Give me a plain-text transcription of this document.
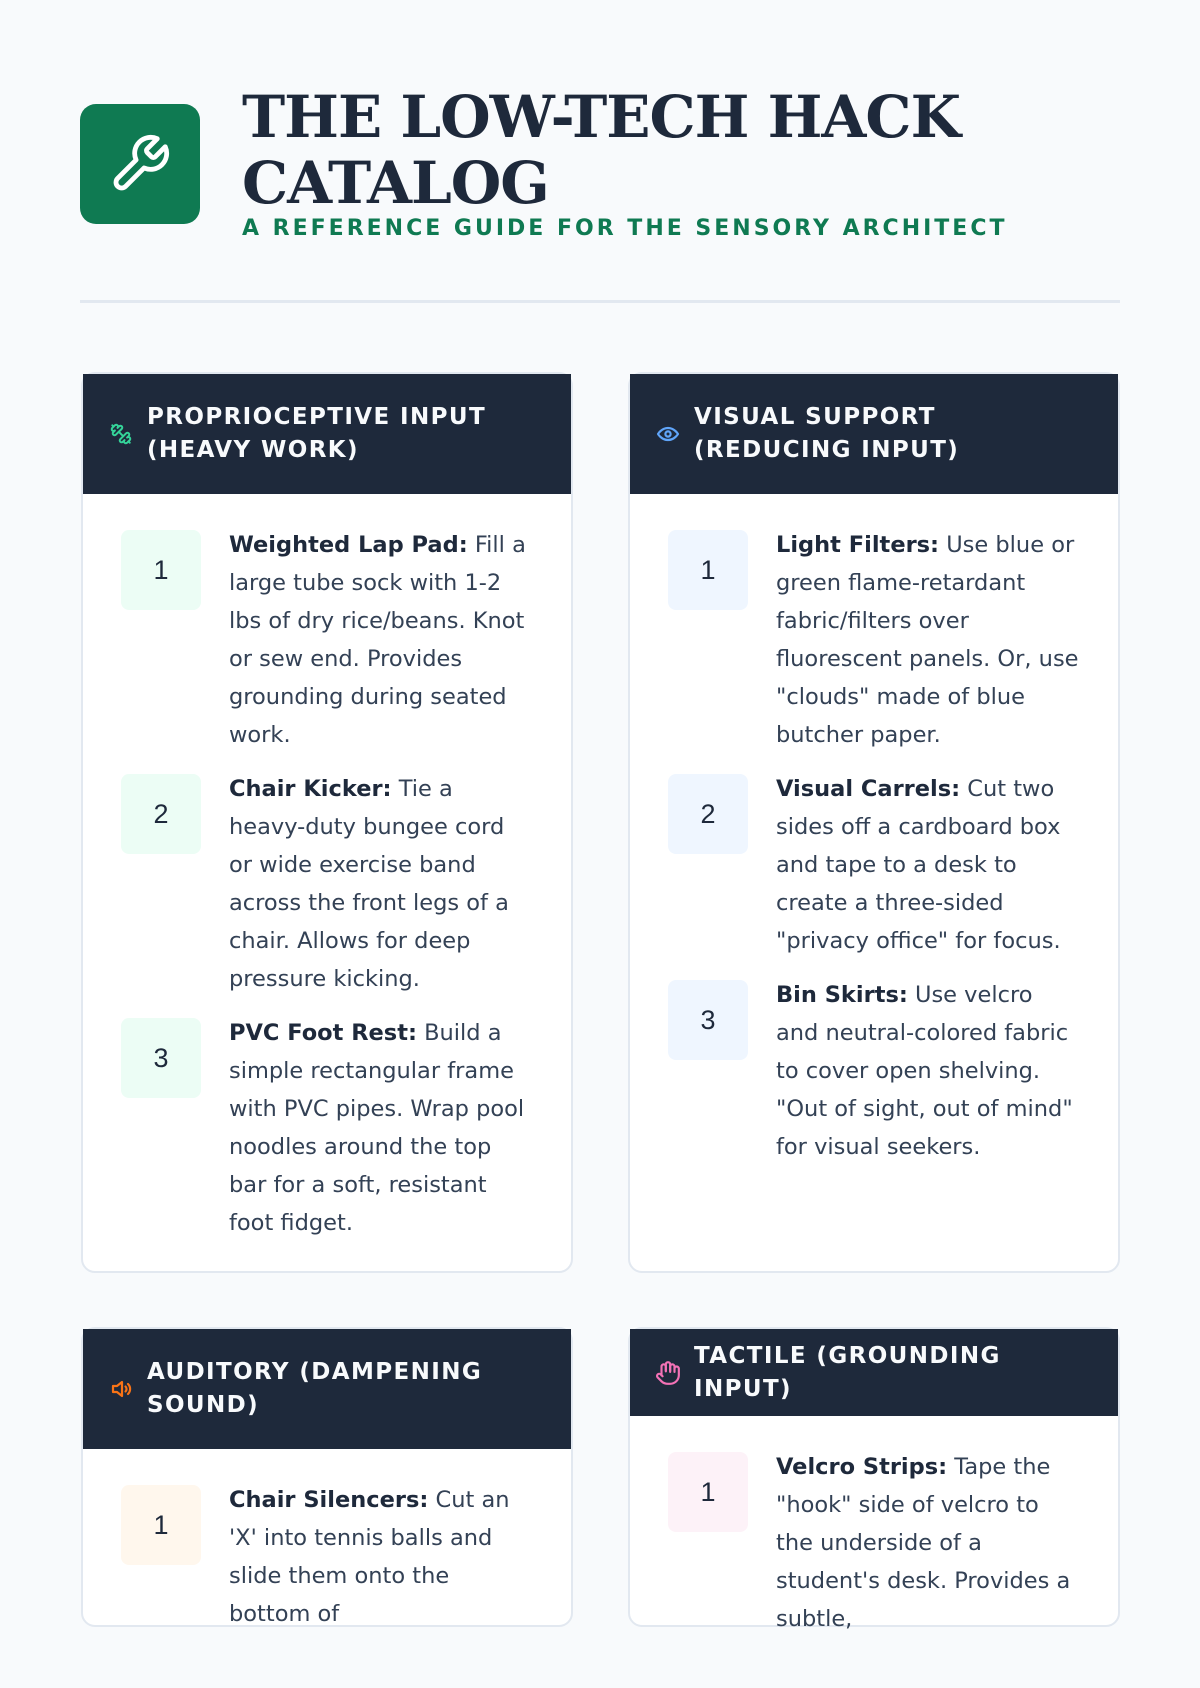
THE LOW-TECH HACK CATALOG
A REFERENCE GUIDE FOR THE SENSORY ARCHITECT
PROPRIOCEPTIVE INPUT (HEAVY WORK)
1

Weighted Lap Pad: Fill a large tube sock with 1-2 lbs of dry rice/beans. Knot or sew end. Provides grounding during seated work.

2

Chair Kicker: Tie a heavy-duty bungee cord or wide exercise band across the front legs of a chair. Allows for deep pressure kicking.

3

PVC Foot Rest: Build a simple rectangular frame with PVC pipes. Wrap pool noodles around the top bar for a soft, resistant foot fidget.

VISUAL SUPPORT (REDUCING INPUT)
1

Light Filters: Use blue or green flame-retardant fabric/filters over fluorescent panels. Or, use "clouds" made of blue butcher paper.

2

Visual Carrels: Cut two sides off a cardboard box and tape to a desk to create a three-sided "privacy office" for focus.

3

Bin Skirts: Use velcro and neutral-colored fabric to cover open shelving. "Out of sight, out of mind" for visual seekers.

AUDITORY (DAMPENING SOUND)
1

Chair Silencers: Cut an 'X' into tennis balls and slide them onto the bottom of

TACTILE (GROUNDING INPUT)
1

Velcro Strips: Tape the "hook" side of velcro to the underside of a student's desk. Provides a subtle,
